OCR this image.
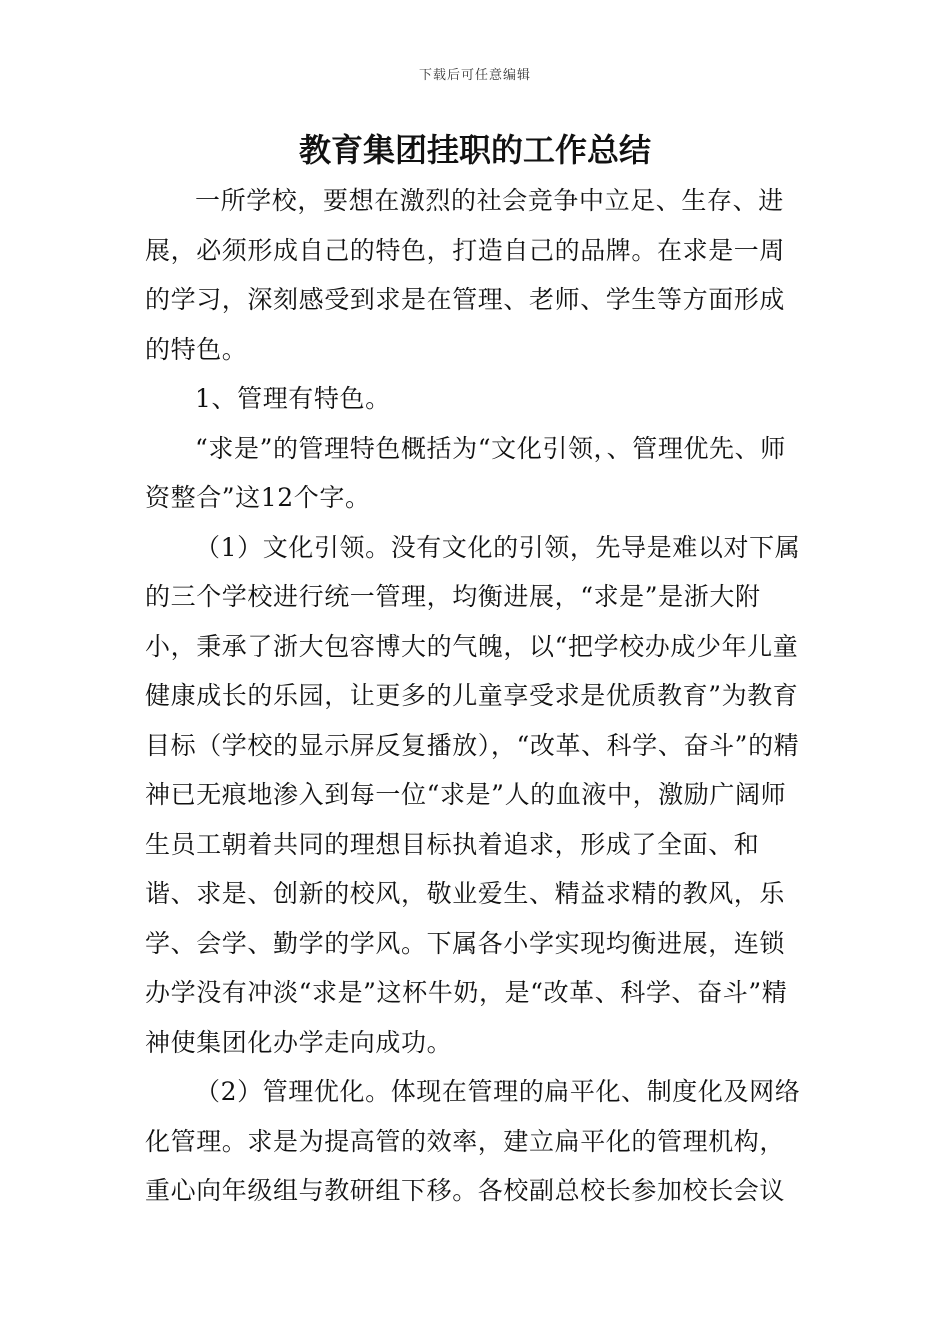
下载后可任意编辑
教育集团挂职的工作总结

一所学校，要想在激烈的社会竞争中立足、生存、进展，必须形成自己的特色，打造自己的品牌。在求是一周的学习，深刻感受到求是在管理、老师、学生等方面形成的特色。

1、管理有特色。

“求是”的管理特色概括为“文化引领，、管理优先、师资整合”这12个字。

（1）文化引领。没有文化的引领，先导是难以对下属的三个学校进行统一管理，均衡进展，“求是”是浙大附小，秉承了浙大包容博大的气魄，以“把学校办成少年儿童健康成长的乐园，让更多的儿童享受求是优质教育”为教育目标（学校的显示屏反复播放），“改革、科学、奋斗”的精神已无痕地渗入到每一位“求是”人的血液中，激励广阔师生员工朝着共同的理想目标执着追求，形成了全面、和谐、求是、创新的校风，敬业爱生、精益求精的教风，乐学、会学、勤学的学风。下属各小学实现均衡进展，连锁办学没有冲淡“求是”这杯牛奶，是“改革、科学、奋斗”精神使集团化办学走向成功。

（2）管理优化。体现在管理的扁平化、制度化及网络化管理。求是为提高管的效率，建立扁平化的管理机构，重心向年级组与教研组下移。各校副总校长参加校长会议
